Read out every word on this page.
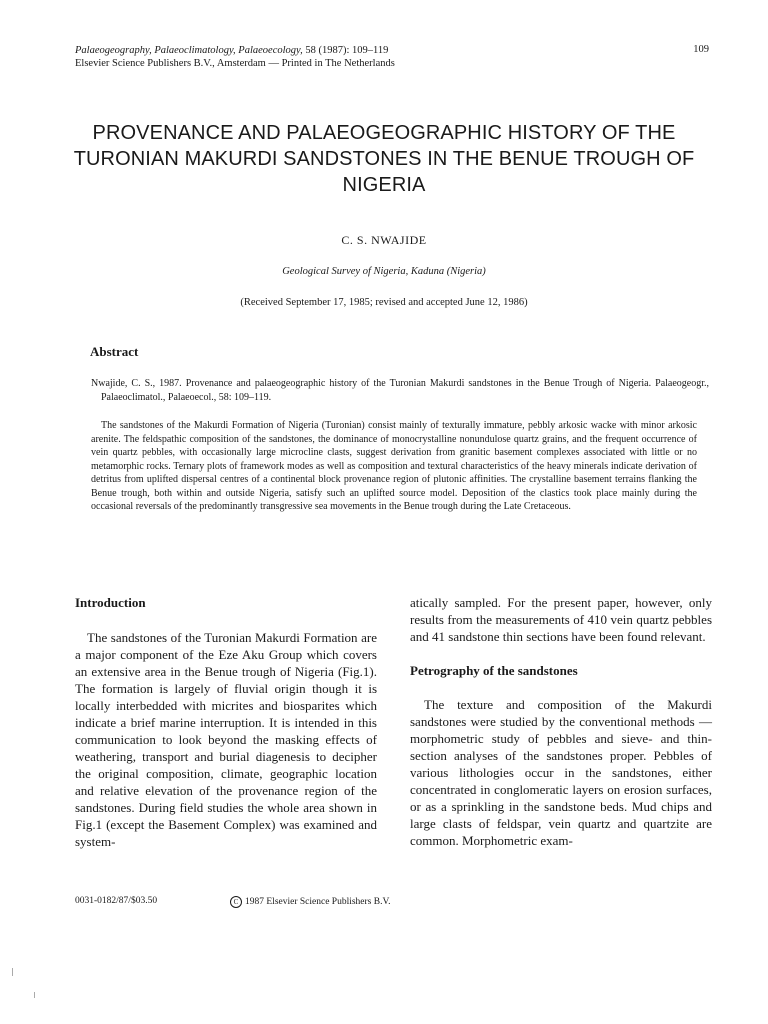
Palaeogeography, Palaeoclimatology, Palaeoecology, 58 (1987): 109–119
Elsevier Science Publishers B.V., Amsterdam — Printed in The Netherlands
109
PROVENANCE AND PALAEOGEOGRAPHIC HISTORY OF THE TURONIAN MAKURDI SANDSTONES IN THE BENUE TROUGH OF NIGERIA
C. S. NWAJIDE
Geological Survey of Nigeria, Kaduna (Nigeria)
(Received September 17, 1985; revised and accepted June 12, 1986)
Abstract
Nwajide, C. S., 1987. Provenance and palaeogeographic history of the Turonian Makurdi sandstones in the Benue Trough of Nigeria. Palaeogeogr., Palaeoclimatol., Palaeoecol., 58: 109–119.

The sandstones of the Makurdi Formation of Nigeria (Turonian) consist mainly of texturally immature, pebbly arkosic wacke with minor arkosic arenite. The feldspathic composition of the sandstones, the dominance of monocrystalline nonundulose quartz grains, and the frequent occurrence of vein quartz pebbles, with occasionally large microcline clasts, suggest derivation from granitic basement complexes associated with little or no metamorphic rocks. Ternary plots of framework modes as well as composition and textural characteristics of the heavy minerals indicate derivation of detritus from uplifted dispersal centres of a continental block provenance region of plutonic affinities. The crystalline basement terrains flanking the Benue trough, both within and outside Nigeria, satisfy such an uplifted source model. Deposition of the clastics took place mainly during the occasional reversals of the predominantly transgressive sea movements in the Benue trough during the Late Cretaceous.

Introduction

The sandstones of the Turonian Makurdi Formation are a major component of the Eze Aku Group which covers an extensive area in the Benue trough of Nigeria (Fig.1). The formation is largely of fluvial origin though it is locally interbedded with micrites and biosparites which indicate a brief marine interruption. It is intended in this communication to look beyond the masking effects of weathering, transport and burial diagenesis to decipher the original composition, climate, geographic location and relative elevation of the provenance region of the sandstones. During field studies the whole area shown in Fig.1 (except the Basement Complex) was examined and system-

atically sampled. For the present paper, however, only results from the measurements of 410 vein quartz pebbles and 41 sandstone thin sections have been found relevant.

Petrography of the sandstones

The texture and composition of the Makurdi sandstones were studied by the conventional methods — morphometric study of pebbles and sieve- and thin-section analyses of the sandstones proper. Pebbles of various lithologies occur in the sandstones, either concentrated in conglomeratic layers on erosion surfaces, or as a sprinkling in the sandstone beds. Mud chips and large clasts of feldspar, vein quartz and quartzite are common. Morphometric exam-

0031-0182/87/$03.50	C 1987 Elsevier Science Publishers B.V.
